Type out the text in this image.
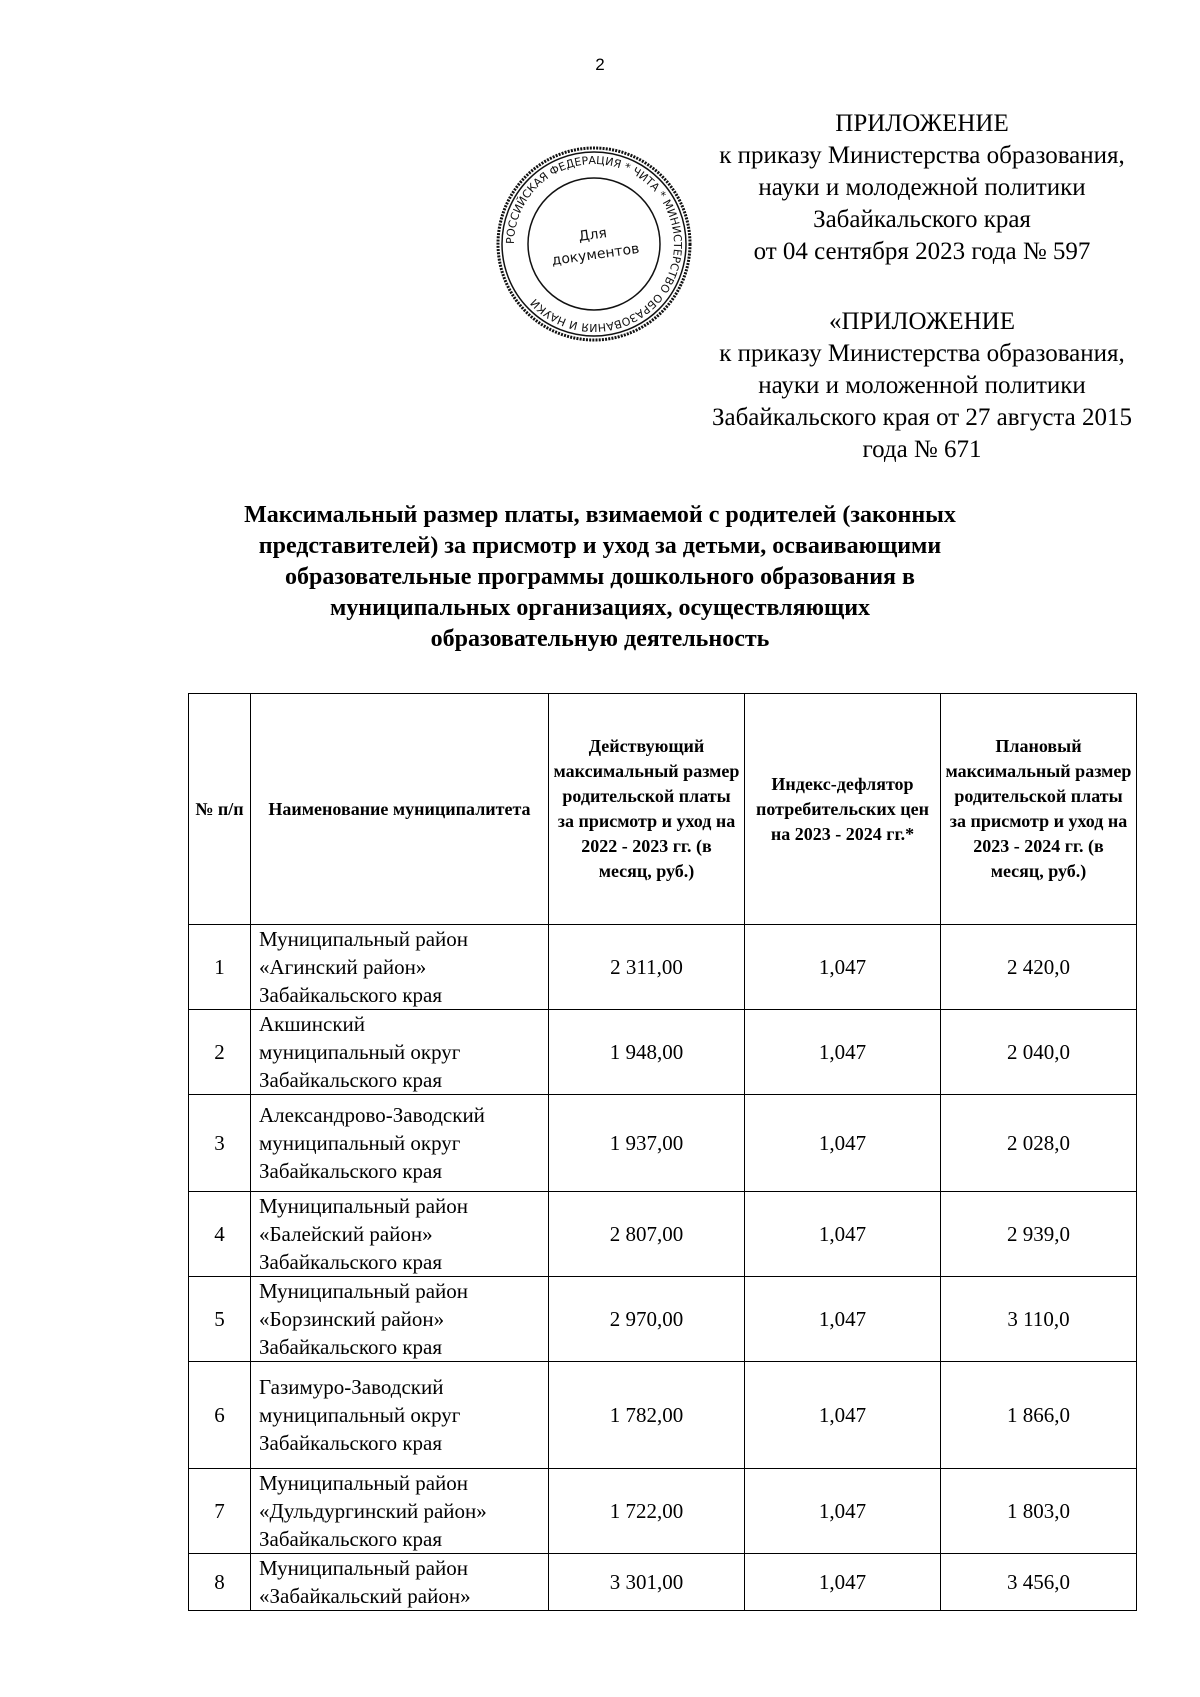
2
ПРИЛОЖЕНИЕ
к приказу Министерства образования,
науки и молодежной политики
Забайкальского края
от 04 сентября 2023 года № 597
РОССИЙСКАЯ ФЕДЕРАЦИЯ * ЧИТА * МИНИСТЕРСТВО ОБРАЗОВАНИЯ И НАУКИ
Для
документов
«ПРИЛОЖЕНИЕ
к приказу Министерства образования,
науки и моложенной политики
Забайкальского края от 27 августа 2015
года № 671
Максимальный размер платы, взимаемой с родителей (законных
представителей) за присмотр и уход за детьми, осваивающими
образовательные программы дошкольного образования в
муниципальных организациях, осуществляющих
образовательную деятельность
№ п/п	Наименование муниципалитета	Действующий максимальный размер родительской платы за присмотр и уход на 2022 - 2023 гг. (в месяц, руб.)	Индекс-дефлятор потребительских цен на 2023 - 2024 гг.*	Плановый максимальный размер родительской платы за присмотр и уход на 2023 - 2024 гг. (в месяц, руб.)
1	Муниципальный район
«Агинский район»
Забайкальского края	2 311,00	1,047	2 420,0
2	Акшинский
муниципальный округ
Забайкальского края	1 948,00	1,047	2 040,0
3	Александрово-Заводский
муниципальный округ
Забайкальского края	1 937,00	1,047	2 028,0
4	Муниципальный район
«Балейский район»
Забайкальского края	2 807,00	1,047	2 939,0
5	Муниципальный район
«Борзинский район»
Забайкальского края	2 970,00	1,047	3 110,0
6	Газимуро-Заводский
муниципальный округ
Забайкальского края	1 782,00	1,047	1 866,0
7	Муниципальный район
«Дульдургинский район»
Забайкальского края	1 722,00	1,047	1 803,0
8	Муниципальный район
«Забайкальский район»	3 301,00	1,047	3 456,0
